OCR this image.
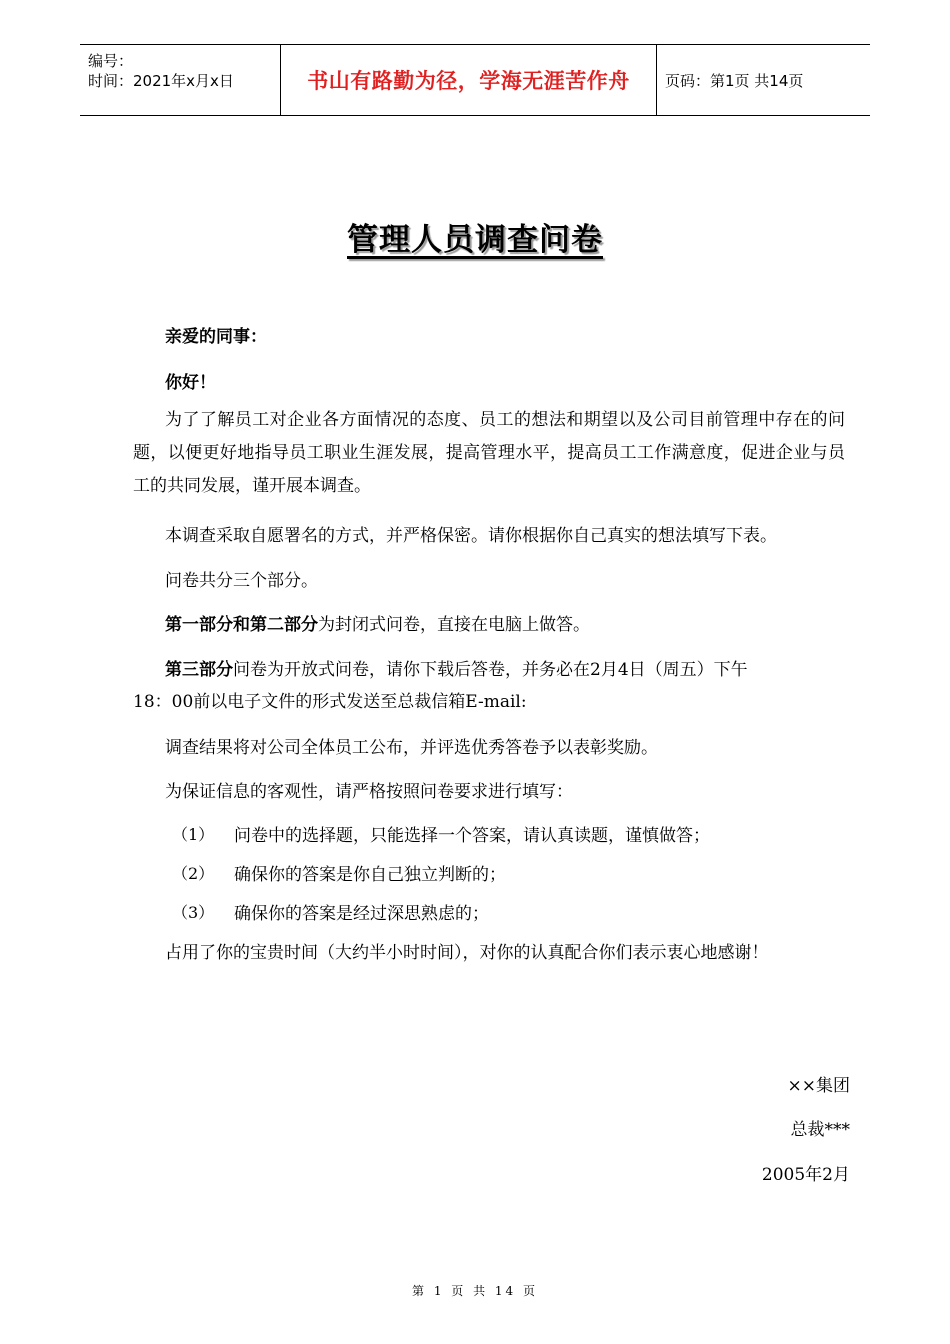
编号：
时间：2021年x月x日	书山有路勤为径，学海无涯苦作舟	页码：第1页 共14页
管理人员调查问卷
亲爱的同事：
你好！
为了了解员工对企业各方面情况的态度、员工的想法和期望以及公司目前管理中存在的问题，以便更好地指导员工职业生涯发展，提高管理水平，提高员工工作满意度，促进企业与员工的共同发展，谨开展本调查。
本调查采取自愿署名的方式，并严格保密。请你根据你自己真实的想法填写下表。
问卷共分三个部分。
第一部分和第二部分为封闭式问卷，直接在电脑上做答。
第三部分问卷为开放式问卷，请你下载后答卷，并务必在2月4日（周五）下午
18：00前以电子文件的形式发送至总裁信箱E-mail:
调查结果将对公司全体员工公布，并评选优秀答卷予以表彰奖励。
为保证信息的客观性，请严格按照问卷要求进行填写：
（1） 问卷中的选择题，只能选择一个答案，请认真读题，谨慎做答；
（2） 确保你的答案是你自己独立判断的；
（3） 确保你的答案是经过深思熟虑的；
占用了你的宝贵时间（大约半小时时间），对你的认真配合你们表示衷心地感谢！
××集团
总裁***
2005年2月
第 1 页 共 14 页
